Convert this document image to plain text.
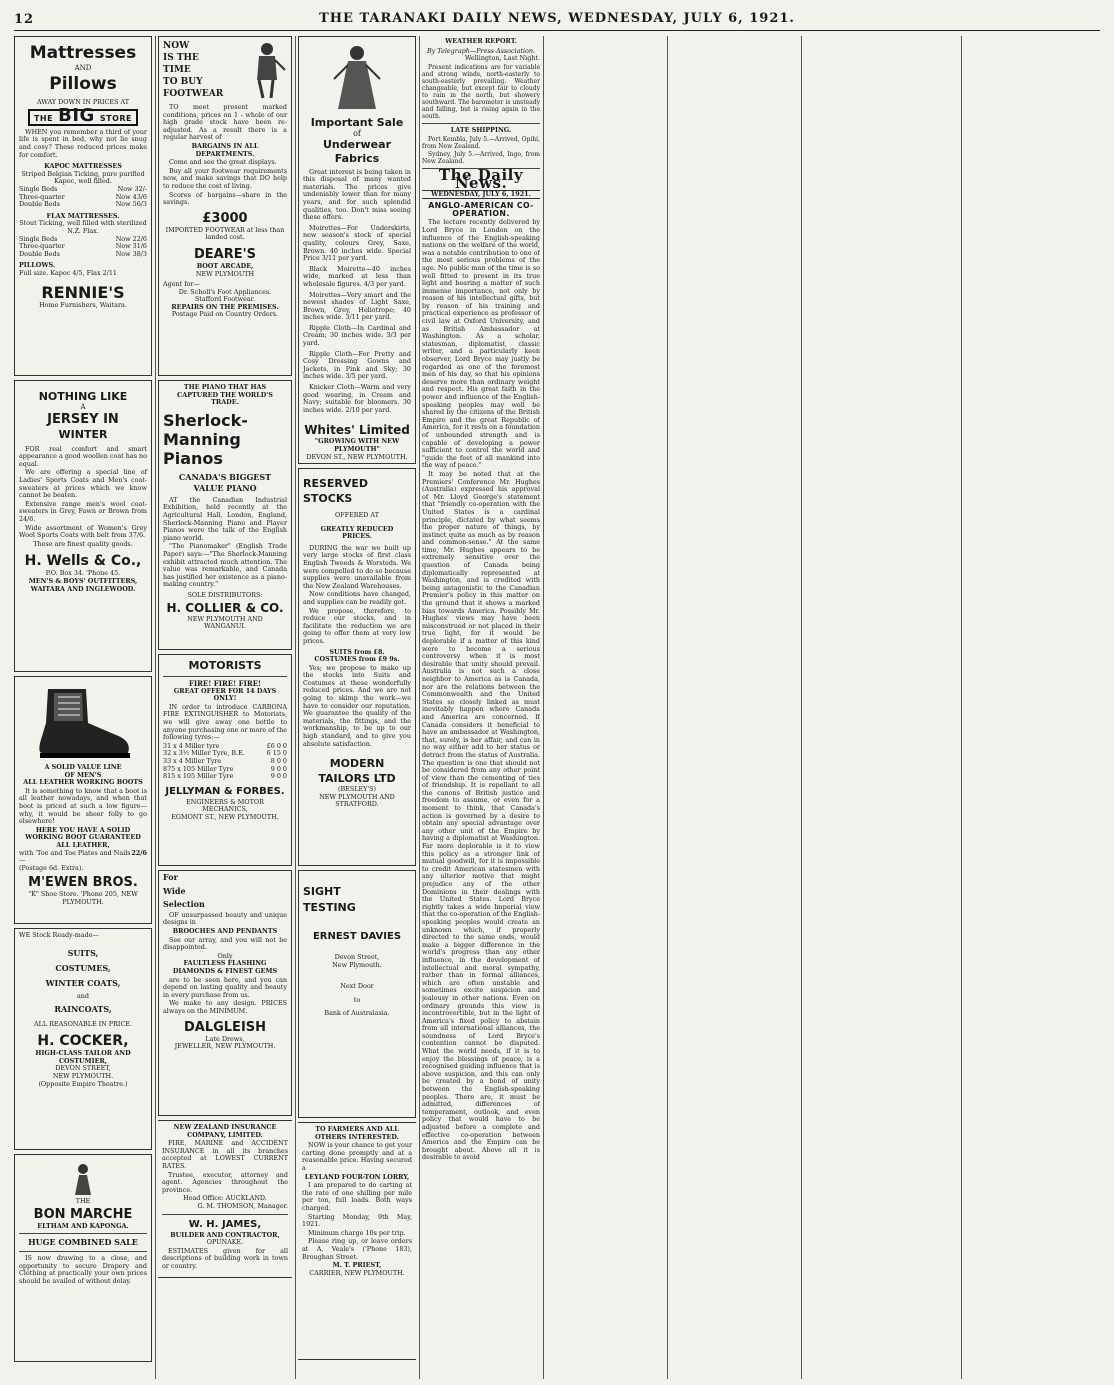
12	THE TARANAKI DAILY NEWS, WEDNESDAY, JULY 6, 1921.
Mattresses
AND
Pillows
AWAY DOWN IN PRICES AT
THE BIG STORE
WHEN you remember a third of your life is spent in bed, why not lie snug and cosy? These reduced prices make for comfort.
KAPOC MATTRESSES
Striped Belgian Ticking, pure purified Kapoc, well filled.
Single Beds	Now 32/-
Three-quarter	Now 43/6
Double Beds	Now 56/3
FLAX MATTRESSES.
Stout Ticking, well filled with sterilized N.Z. Flax.
Single Beds	Now 22/6
Three-quarter	Now 31/6
Double Beds	Now 38/3
PILLOWS.
Full size. Kapoc 4/5, Flax 2/11
RENNIE'S
Home Furnishers, Waitara.
NOTHING LIKE
A
JERSEY IN
WINTER
FOR real comfort and smart appearance a good woollen coat has no equal.
We are offering a special line of Ladies' Sports Coats and Men's coat-sweaters at prices which we know cannot be beaten.
Extensive range men's wool coat-sweaters in Grey, Fawn or Brown from 24/6.
Wide assortment of Women's Grey Wool Sports Coats with belt from 37/6.
These are finest quality goods.
H. Wells & Co.,
P.O. Box 34. 'Phone 45.
MEN'S & BOYS' OUTFITTERS,
WAITARA AND INGLEWOOD.
A SOLID VALUE LINE
OF MEN'S
ALL LEATHER WORKING BOOTS
It is something to know that a boot is all leather nowadays, and when that boot is priced at such a low figure—why, it would be sheer folly to go elsewhere!
HERE YOU HAVE A SOLID WORKING BOOT GUARANTEED ALL LEATHER,
with 'Toe and Toe Plates and Nails—
22/6
(Postage 6d. Extra).
M'EWEN BROS.
"K" Shoe Store. 'Phone 205, NEW PLYMOUTH.
WE Stock Ready-made—
SUITS,
COSTUMES,
WINTER COATS,
and
RAINCOATS,
ALL REASONABLE IN PRICE.
H. COCKER,
HIGH-CLASS TAILOR AND COSTUMIER,
DEVON STREET,
NEW PLYMOUTH.
(Opposite Empire Theatre.)
THE
BON MARCHE
ELTHAM AND KAPONGA.
HUGE COMBINED SALE
IS now drawing to a close, and opportunity to secure Drapery and Clothing at practically your own prices should be availed of without delay.
NOW
IS THE
TIME
TO BUY
FOOTWEAR
TO meet present marked conditions, prices on 1 - whole of our high grade stock have been re-adjusted. As a result there is a regular harvest of
BARGAINS IN ALL DEPARTMENTS.
Come and see the great displays.
Buy all your footwear requirements now, and make savings that DO help to reduce the cost of living.
Scores of bargains—share in the savings.
£3000
IMPORTED FOOTWEAR at less than landed cost.
DEARE'S
BOOT ARCADE,
NEW PLYMOUTH
Agent for—
Dr. Scholl's Foot Appliances.
Stafford Footwear.
REPAIRS ON THE PREMISES.
Postage Paid on Country Orders.
THE PIANO THAT HAS CAPTURED THE WORLD'S TRADE.
Sherlock-
Manning
Pianos
CANADA'S BIGGEST
VALUE PIANO
AT the Canadian Industrial Exhibition, held recently at the Agricultural Hall, London, England, Sherlock-Manning Piano and Player Pianos were the talk of the English piano world.
"The Pianomaker" (English Trade Paper) says:—"The Sherlock-Manning exhibit attracted much attention. The value was remarkable, and Canada has justified her existence as a piano-making country."
SOLE DISTRIBUTORS:
H. COLLIER & CO.
NEW PLYMOUTH AND
WANGANUI.
MOTORISTS
FIRE! FIRE! FIRE!
GREAT OFFER FOR 14 DAYS ONLY!
IN order to introduce CARBONA FIRE EXTINGUISHER to Motorists, we will give away one bottle to anyone purchasing one or more of the following tyres:—
31 x 4 Miller tyre	£6 0 0
32 x 3½ Miller Tyre, B.E.	6 15 0
33 x 4 Miller Tyre	8 0 0
875 x 105 Miller Tyre	9 0 0
815 x 105 Miller Tyre	9 0 0
JELLYMAN & FORBES.
ENGINEERS & MOTOR MECHANICS,
EGMONT ST., NEW PLYMOUTH.
For
Wide
Selection
OF unsurpassed beauty and unique designs in
BROOCHES AND PENDANTS
See our array, and you will not be disappointed.
Only
FAULTLESS FLASHING DIAMONDS & FINEST GEMS
are to be seen here, and you can depend on lasting quality and beauty in every purchase from us.
We make to any design. PRICES always on the MINIMUM.
DALGLEISH
Late Drews,
JEWELLER, NEW PLYMOUTH.
NEW ZEALAND INSURANCE COMPANY, LIMITED.
FIRE, MARINE and ACCIDENT INSURANCE in all its branches accepted at LOWEST CURRENT RATES.
Trustee, executor, attorney and agent. Agencies throughout the province.
Head Office: AUCKLAND.
G. M. THOMSON, Manager.
W. H. JAMES,
BUILDER AND CONTRACTOR,
OPUNAKE.
ESTIMATES given for all descriptions of building work in town or country.
Important Sale
of
Underwear Fabrics
Great interest is being taken in this disposal of many wanted materials. The prices give undeniably lower than for many years, and for such splendid qualities, too. Don't miss seeing these offers.
Moirettes—For Underskirts, new season's stock of special quality, colours Grey, Saxe, Brown. 40 inches wide. Special Price 3/11 per yard.
Black Moirette—40 inches wide, marked at less than wholesale figures. 4/3 per yard.
Moirettes—Very smart and the newest shades of Light Saxe, Brown, Grey, Heliotrope; 40 inches wide. 3/11 per yard.
Ripple Cloth—In Cardinal and Cream; 30 inches wide. 3/3 per yard.
Ripple Cloth—For Pretty and Cosy Dressing Gowns and Jackets, in Pink and Sky; 30 inches wide. 3/5 per yard.
Knicker Cloth—Warm and very good wearing, in Cream and Navy; suitable for bloomers. 30 inches wide. 2/10 per yard.
Whites' Limited
"GROWING WITH NEW PLYMOUTH"
DEVON ST., NEW PLYMOUTH.
RESERVED
STOCKS
OFFERED AT
GREATLY REDUCED
PRICES.
DURING the war we built up very large stocks of first class English Tweeds & Worsteds. We were compelled to do so because supplies were unavailable from the New Zealand Warehouses.
Now conditions have changed, and supplies can be readily got.
We propose, therefore, to reduce our stocks, and in facilitate the reduction we are going to offer them at very low prices.
SUITS from £8.
COSTUMES from £9 9s.
Yes; we propose to make up the stocks into Suits and Costumes at these wonderfully reduced prices. And we are not going to skimp the work—we have to consider our reputation. We guarantee the quality of the materials, the fittings, and the workmanship, to be up to our high standard, and to give you absolute satisfaction.
MODERN
TAILORS LTD
(BESLEY'S)
NEW PLYMOUTH AND
STRATFORD.
SIGHT
TESTING
ERNEST DAVIES
Devon Street,
New Plymouth.
Next Door
to
Bank of Australasia.
TO FARMERS AND ALL OTHERS INTERESTED.
NOW is your chance to get your carting done promptly and at a reasonable price. Having secured a
LEYLAND FOUR-TON LORRY,
I am prepared to do carting at the rate of one shilling per mile per ton, full loads. Both ways charged.
Starting Monday, 9th May, 1921.
Minimum charge 10s per trip.
Please ring up, or leave orders at A. Veale's ('Phone 183), Broughan Street.
M. T. PRIEST,
CARRIER, NEW PLYMOUTH.
WEATHER REPORT.
By Telegraph—Press Association.
Wellington, Last Night.
Present indications are for variable and strong winds, north-easterly to south-easterly prevailing. Weather changeable, but except fair to cloudy to rain in the north, but showery southward. The barometer is unsteady and falling, but is rising again in the south.
LATE SHIPPING.
Port Kembla, July 5.—Arrived, Opihi, from New Zealand.
Sydney, July 5.—Arrived, Ingo, from New Zealand.
The Daily News.
WEDNESDAY, JULY 6, 1921.
ANGLO-AMERICAN CO-OPERATION.
The lecture recently delivered by Lord Bryce in London on the influence of the English-speaking nations on the welfare of the world, was a notable contribution to one of the most serious problems of the age. No public man of the time is so well fitted to present in its true light and bearing a matter of such immense importance, not only by reason of his intellectual gifts, but by reason of his training and practical experience as professor of civil law at Oxford University, and as British Ambassador at Washington. As a scholar, statesman, diplomatist, classic writer, and a particularly keen observer, Lord Bryce may justly be regarded as one of the foremost men of his day, so that his opinions deserve more than ordinary weight and respect. His great faith in the power and influence of the English-speaking peoples may well be shared by the citizens of the British Empire and the great Republic of America, for it rests on a foundation of unbounded strength and is capable of developing a power sufficient to control the world and "guide the feet of all mankind into the way of peace."
It may be noted that at the Premiers' Conference Mr. Hughes (Australia) expressed his approval of Mr. Lloyd George's statement that "friendly co-operation with the United States is a cardinal principle, dictated by what seems the proper nature of things, by instinct quite as much as by reason and common-sense." At the same time, Mr. Hughes appears to be extremely sensitive over the question of Canada being diplomatically represented at Washington, and is credited with being antagonistic to the Canadian Premier's policy in this matter on the ground that it shows a marked bias towards America. Possibly Mr. Hughes' views may have been misconstrued or not placed in their true light, for it would be deplorable if a matter of this kind were to become a serious controversy when it is most desirable that unity should prevail. Australia is not such a close neighbor to America as is Canada, nor are the relations between the Commonwealth and the United States so closely linked as must inevitably happen where Canada and America are concerned. If Canada considers it beneficial to have an ambassador at Washington, that, surely, is her affair, and can in no way either add to her status or detract from the status of Australia. The question is one that should not be considered from any other point of view than the cementing of ties of friendship. It is repellant to all the canons of British justice and freedom to assume, or even for a moment to think, that Canada's action is governed by a desire to obtain any special advantage over any other unit of the Empire by having a diplomatist at Washington. Far more deplorable is it to view this policy as a stronger link of mutual goodwill, for it is impossible to credit American statesmen with any ulterior motive that might prejudice any of the other Dominions in their dealings with the United States. Lord Bryce rightly takes a wide Imperial view that the co-operation of the English-speaking peoples would create an unknown which, if properly directed to the same ends, would make a bigger difference in the world's progress than any other influence, in the development of intellectual and moral sympathy, rather than in formal alliances, which are often unstable and sometimes excite suspicion and jealousy in other nations. Even on ordinary grounds this view is incontrovertible, but in the light of America's fixed policy to abstain from all international alliances, the soundness of Lord Bryce's contention cannot be disputed. What the world needs, if it is to enjoy the blessings of peace, is a recognised guiding influence that is above suspicion, and this can only be created by a bond of unity between the English-speaking peoples. There are, it must be admitted, differences of temperament, outlook, and even policy that would have to be adjusted before a complete and effective co-operation between America and the Empire can be brought about. Above all it is desirable to avoid
